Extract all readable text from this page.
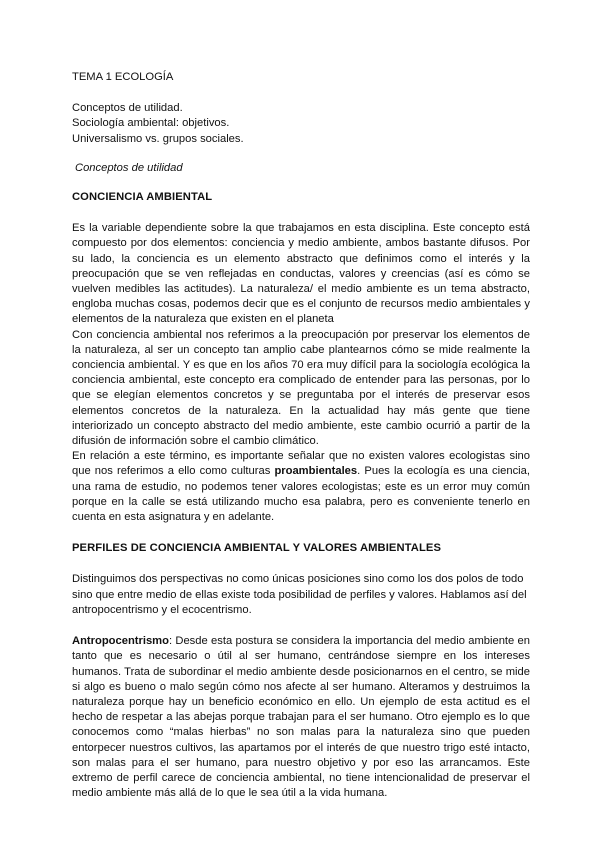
TEMA 1 ECOLOGÍA

Conceptos de utilidad.

Sociología ambiental: objetivos.

Universalismo vs. grupos sociales.

Conceptos de utilidad

CONCIENCIA AMBIENTAL

Es la variable dependiente sobre la que trabajamos en esta disciplina. Este concepto está compuesto por dos elementos: conciencia y medio ambiente, ambos bastante difusos. Por su lado, la conciencia es un elemento abstracto que definimos como el interés y la preocupación que se ven reflejadas en conductas, valores y creencias (así es cómo se vuelven medibles las actitudes). La naturaleza/ el medio ambiente es un tema abstracto, engloba muchas cosas, podemos decir que es el conjunto de recursos medio ambientales y elementos de la naturaleza que existen en el planeta

Con conciencia ambiental nos referimos a la preocupación por preservar los elementos de la naturaleza, al ser un concepto tan amplio cabe plantearnos cómo se mide realmente la conciencia ambiental. Y es que en los años 70 era muy difícil para la sociología ecológica la conciencia ambiental, este concepto era complicado de entender para las personas, por lo que se elegían elementos concretos y se preguntaba por el interés de preservar esos elementos concretos de la naturaleza. En la actualidad hay más gente que tiene interiorizado un concepto abstracto del medio ambiente, este cambio ocurrió a partir de la difusión de información sobre el cambio climático.

En relación a este término, es importante señalar que no existen valores ecologistas sino que nos referimos a ello como culturas proambientales. Pues la ecología es una ciencia, una rama de estudio, no podemos tener valores ecologistas; este es un error muy común porque en la calle se está utilizando mucho esa palabra, pero es conveniente tenerlo en cuenta en esta asignatura y en adelante.

PERFILES DE CONCIENCIA AMBIENTAL Y VALORES AMBIENTALES

Distinguimos dos perspectivas no como únicas posiciones sino como los dos polos de todo sino que entre medio de ellas existe toda posibilidad de perfiles y valores. Hablamos así del antropocentrismo y el ecocentrismo.

Antropocentrismo: Desde esta postura se considera la importancia del medio ambiente en tanto que es necesario o útil al ser humano, centrándose siempre en los intereses humanos. Trata de subordinar el medio ambiente desde posicionarnos en el centro, se mide si algo es bueno o malo según cómo nos afecte al ser humano. Alteramos y destruimos la naturaleza porque hay un beneficio económico en ello. Un ejemplo de esta actitud es el hecho de respetar a las abejas porque trabajan para el ser humano. Otro ejemplo es lo que conocemos como “malas hierbas” no son malas para la naturaleza sino que pueden entorpecer nuestros cultivos, las apartamos por el interés de que nuestro trigo esté intacto, son malas para el ser humano, para nuestro objetivo y por eso las arrancamos. Este extremo de perfil carece de conciencia ambiental, no tiene intencionalidad de preservar el medio ambiente más allá de lo que le sea útil a la vida humana.
